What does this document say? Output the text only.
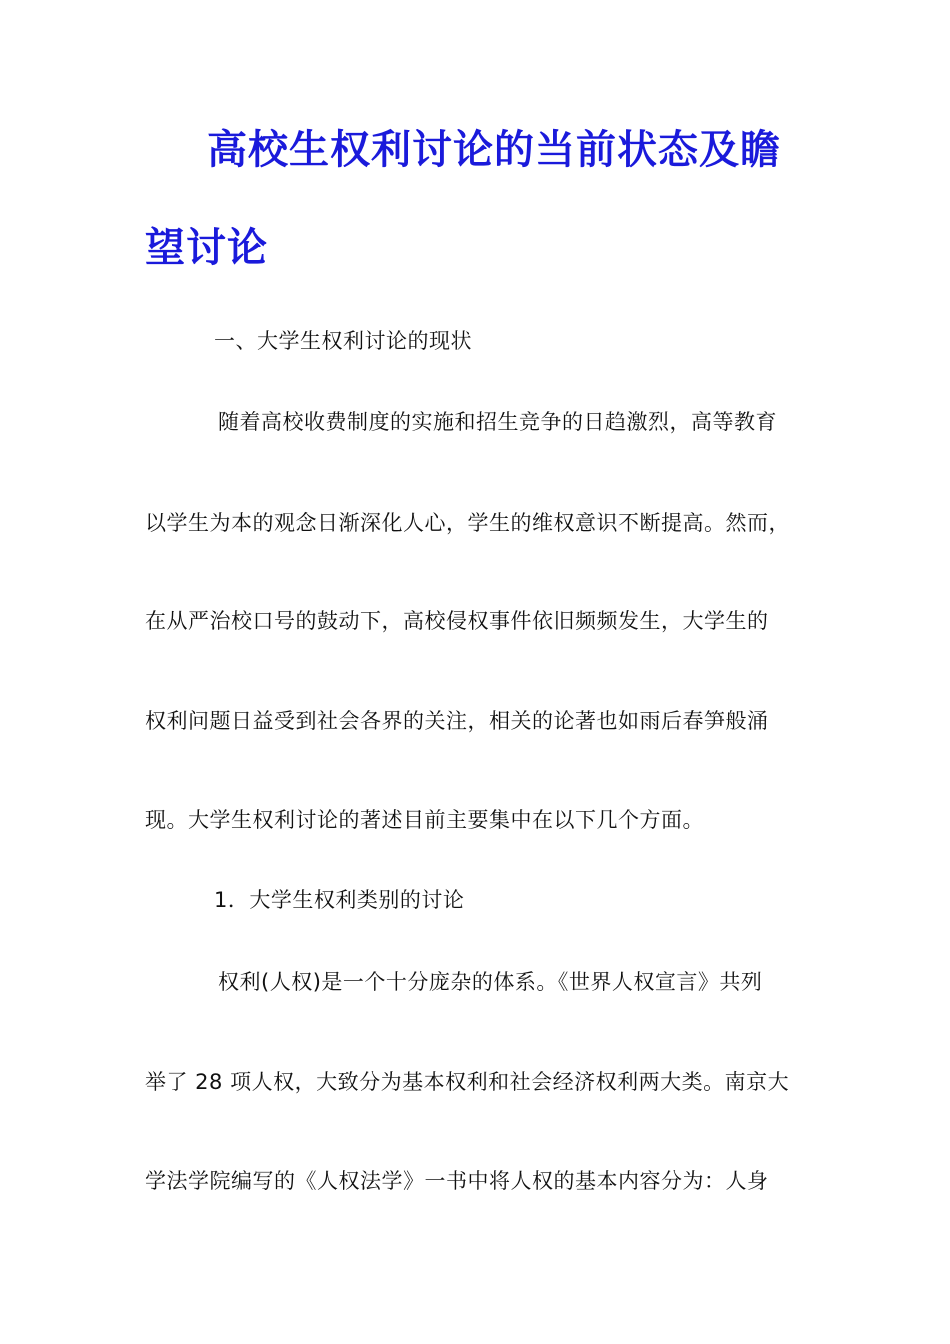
高校生权利讨论的当前状态及瞻
望讨论
一、大学生权利讨论的现状
随着高校收费制度的实施和招生竞争的日趋激烈，高等教育
以学生为本的观念日渐深化人心，学生的维权意识不断提高。然而，
在从严治校口号的鼓动下，高校侵权事件依旧频频发生，大学生的
权利问题日益受到社会各界的关注，相关的论著也如雨后春笋般涌
现。大学生权利讨论的著述目前主要集中在以下几个方面。
1．大学生权利类别的讨论
权利(人权)是一个十分庞杂的体系。《世界人权宣言》共列
举了 28 项人权，大致分为基本权利和社会经济权利两大类。南京大
学法学院编写的《人权法学》一书中将人权的基本内容分为：人身
